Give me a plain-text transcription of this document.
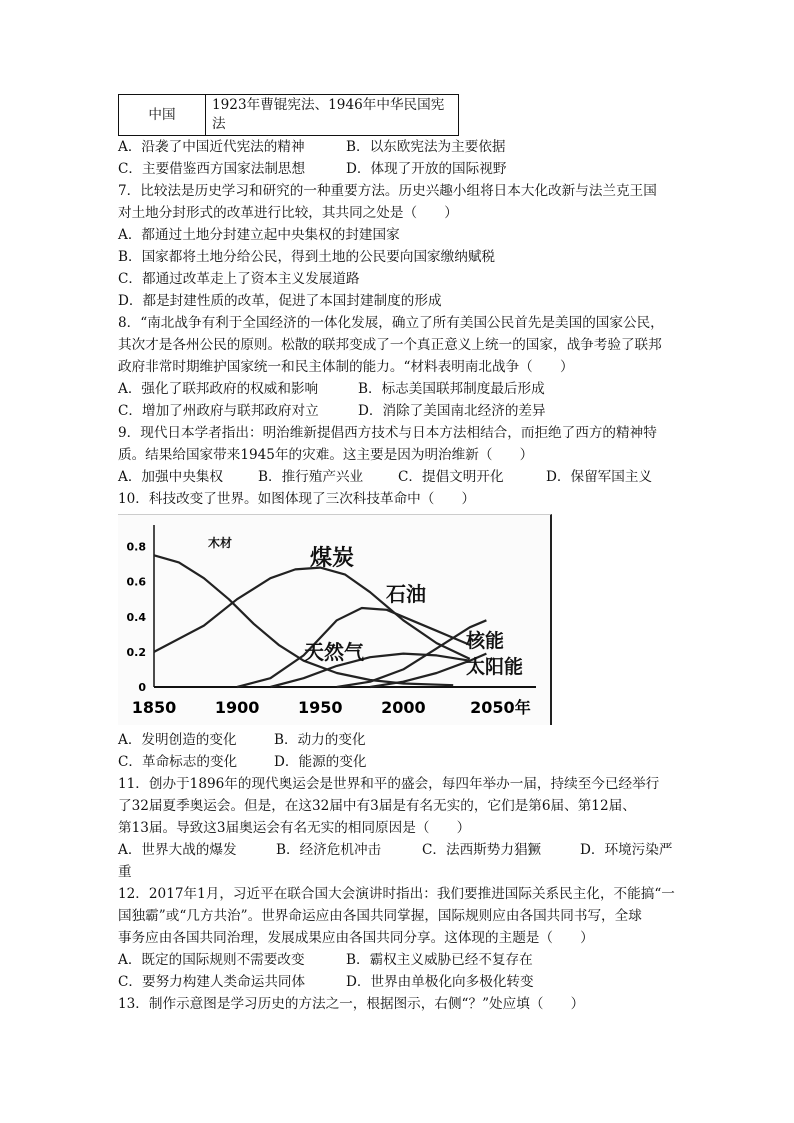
中国	1923年曹锟宪法、1946年中华民国宪法
A．沿袭了中国近代宪法的精神	B．以东欧宪法为主要依据
C．主要借鉴西方国家法制思想	D．体现了开放的国际视野
7．比较法是历史学习和研究的一种重要方法。历史兴趣小组将日本大化改新与法兰克王国
对土地分封形式的改革进行比较，其共同之处是（　　）
A．都通过土地分封建立起中央集权的封建国家
B．国家都将土地分给公民，得到土地的公民要向国家缴纳赋税
C．都通过改革走上了资本主义发展道路
D．都是封建性质的改革，促进了本国封建制度的形成
8．“南北战争有利于全国经济的一体化发展，确立了所有美国公民首先是美国的国家公民，
其次才是各州公民的原则。松散的联邦变成了一个真正意义上统一的国家，战争考验了联邦
政府非常时期维护国家统一和民主体制的能力。“材料表明南北战争（　　）
A．强化了联邦政府的权威和影响	B．标志美国联邦制度最后形成
C．增加了州政府与联邦政府对立	D．消除了美国南北经济的差异
9．现代日本学者指出：明治维新提倡西方技术与日本方法相结合，而拒绝了西方的精神特
质。结果给国家带来1945年的灾难。这主要是因为明治维新（　　）
A．加强中央集权	B．推行殖产兴业	C．提倡文明开化	D．保留军国主义
10．科技改变了世界。如图体现了三次科技革命中（　　）
0.8
0.6
0.4
0.2
0
1850 1900 1950 2000	2050年
木材
煤炭
石油
天然气	核能
太阳能
A．发明创造的变化	B．动力的变化
C．革命标志的变化	D．能源的变化
11．创办于1896年的现代奥运会是世界和平的盛会，每四年举办一届，持续至今已经举行
了32届夏季奥运会。但是，在这32届中有3届是有名无实的，它们是第6届、第12届、
第13届。导致这3届奥运会有名无实的相同原因是（　　）
A．世界大战的爆发	B．经济危机冲击	C．法西斯势力猖獗	D．环境污染严
重
12．2017年1月，习近平在联合国大会演讲时指出：我们要推进国际关系民主化，不能搞“一
国独霸”或“几方共治”。世界命运应由各国共同掌握，国际规则应由各国共同书写，全球
事务应由各国共同治理，发展成果应由各国共同分享。这体现的主题是（　　）
A．既定的国际规则不需要改变	B．霸权主义威胁已经不复存在
C．要努力构建人类命运共同体	D．世界由单极化向多极化转变
13．制作示意图是学习历史的方法之一，根据图示，右侧“？”处应填（　　）
